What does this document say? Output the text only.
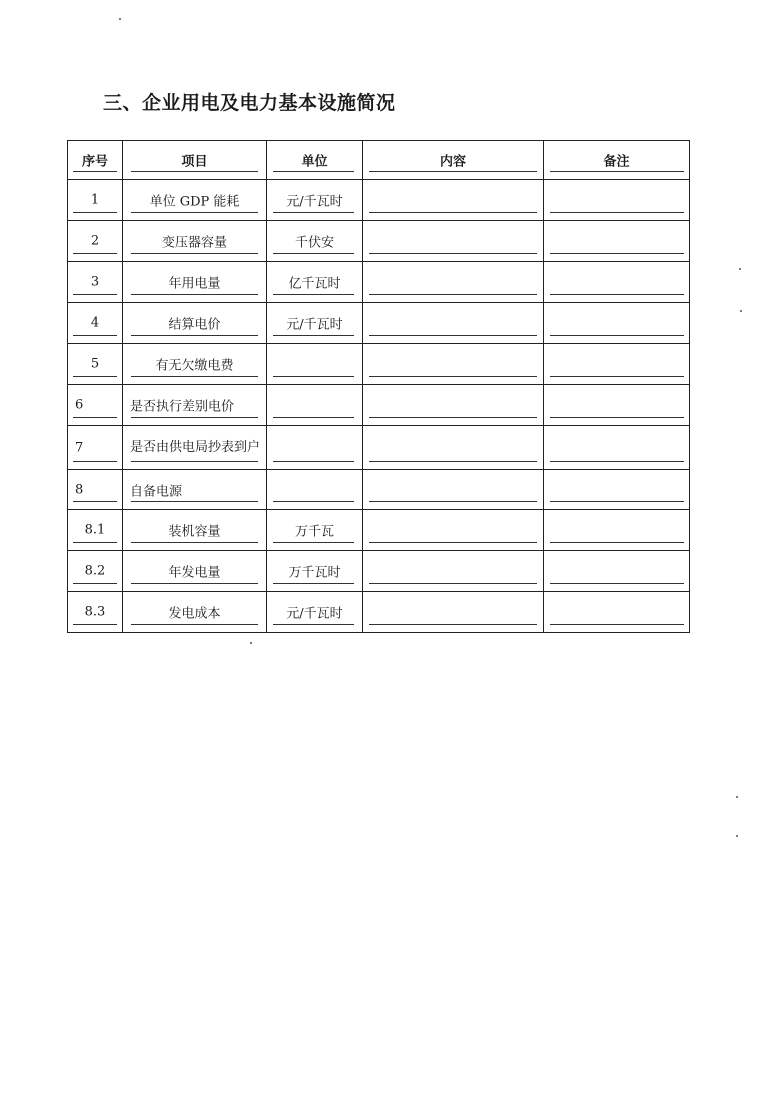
三、企业用电及电力基本设施简况
序号	项目	单位	内容	备注

1	单位 GDP 能耗	元/千瓦时		

2	变压器容量	千伏安		

3	年用电量	亿千瓦时		

4	结算电价	元/千瓦时		

5	有无欠缴电费			

6	是否执行差别电价			

7	是否由供电局抄表到户			

8	自备电源			

8.1	装机容量	万千瓦		

8.2	年发电量	万千瓦时		

8.3	发电成本	元/千瓦时		
